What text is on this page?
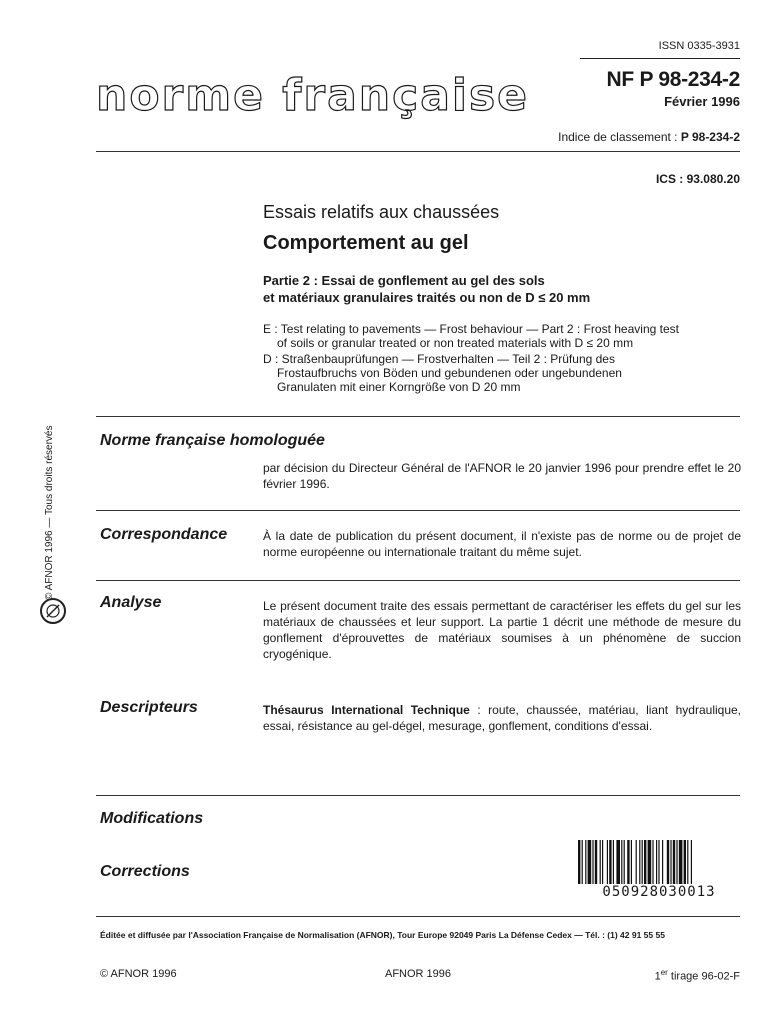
ISSN 0335-3931
NF P 98-234-2
Février 1996
norme française
Indice de classement : P 98-234-2
ICS : 93.080.20
Essais relatifs aux chaussées
Comportement au gel
Partie 2 : Essai de gonflement au gel des sols
et matériaux granulaires traités ou non de D ≤ 20 mm
E : Test relating to pavements — Frost behaviour — Part 2 : Frost heaving test
of soils or granular treated or non treated materials with D ≤ 20 mm
D : Straßenbauprüfungen — Frostverhalten — Teil 2 : Prüfung des
Frostaufbruchs von Böden und gebundenen oder ungebundenen
Granulaten mit einer Korngröße von D 20 mm
© AFNOR 1996 — Tous droits réservés	Norme française homologuée
par décision du Directeur Général de l'AFNOR le 20 janvier 1996 pour prendre effet le 20 février 1996.
Correspondance	À la date de publication du présent document, il n'existe pas de norme ou de projet de norme européenne ou internationale traitant du même sujet.
Analyse	Le présent document traite des essais permettant de caractériser les effets du gel sur les matériaux de chaussées et leur support. La partie 1 décrit une méthode de mesure du gonflement d'éprouvettes de matériaux soumises à un phénomène de succion cryogénique.
Descripteurs	Thésaurus International Technique : route, chaussée, matériau, liant hydraulique, essai, résistance au gel-dégel, mesurage, gonflement, conditions d'essai.
Modifications
Corrections
050928030013
Éditée et diffusée par l'Association Française de Normalisation (AFNOR), Tour Europe 92049 Paris La Défense Cedex — Tél. : (1) 42 91 55 55
© AFNOR 1996	AFNOR 1996	1er tirage 96-02-F
